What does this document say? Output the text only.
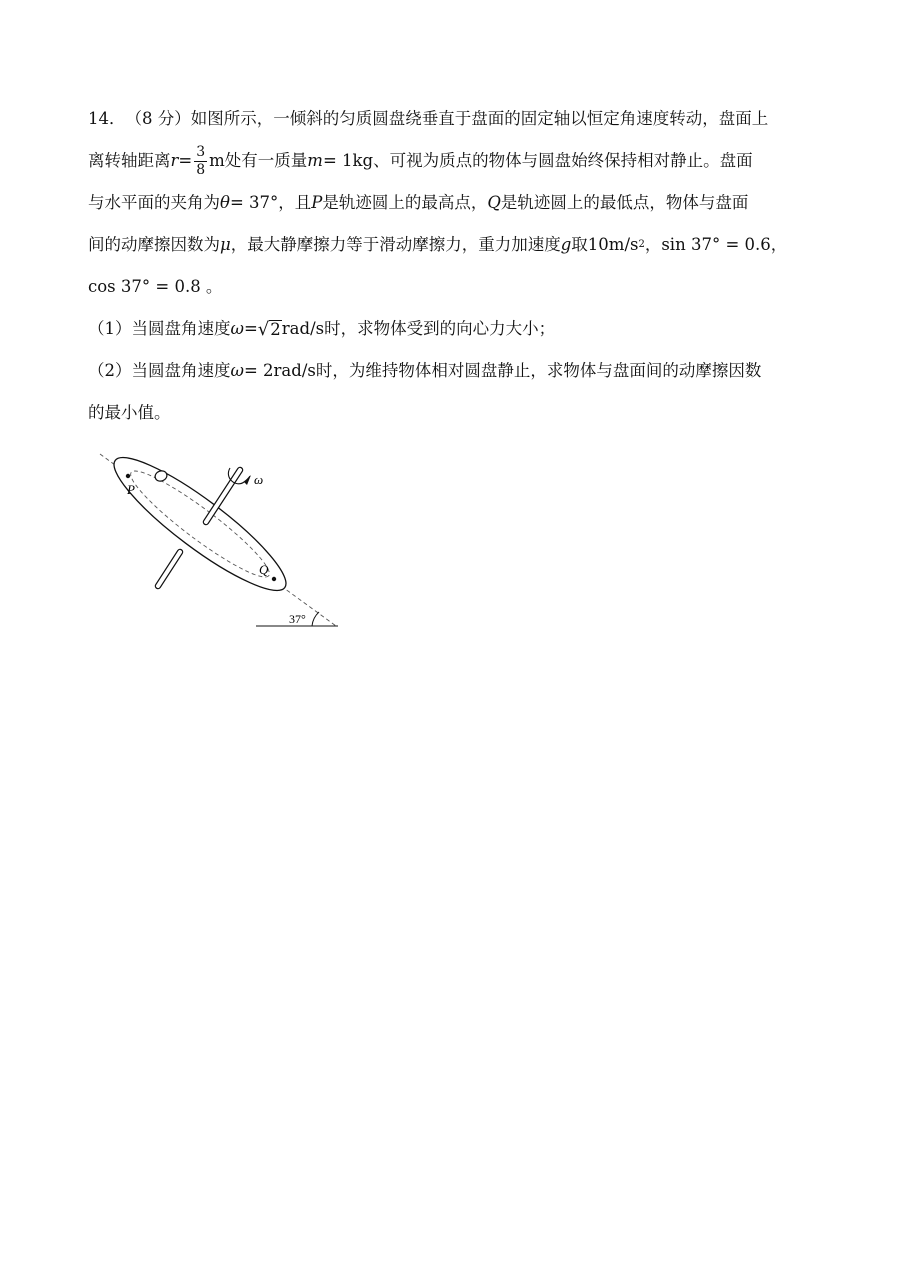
14． （8 分） 如图所示，一倾斜的匀质圆盘绕垂直于盘面的固定轴以恒定角速度转动，盘面上
离转轴距离 $r = \frac{3}{8}$ m 处有一质量 m = 1kg 、可视为质点的物体与圆盘始终保持相对静止。盘面
与水平面的夹角为 θ = 37° ，且 P 是轨迹圆上的最高点， Q 是轨迹圆上的最低点，物体与盘面
间的动摩擦因数为 μ ，最大静摩擦力等于滑动摩擦力，重力加速度 g 取 10m/s 2 ，sin 37° = 0.6，
cos 37° = 0.8 。
（1） 当圆盘角速度 ω = √ 2 rad/s 时，求物体受到的向心力大小；
（2） 当圆盘角速度 ω = 2rad/s 时，为维持物体相对圆盘静止，求物体与盘面间的动摩擦因数
的最小值。
37°
ω
P
Q
